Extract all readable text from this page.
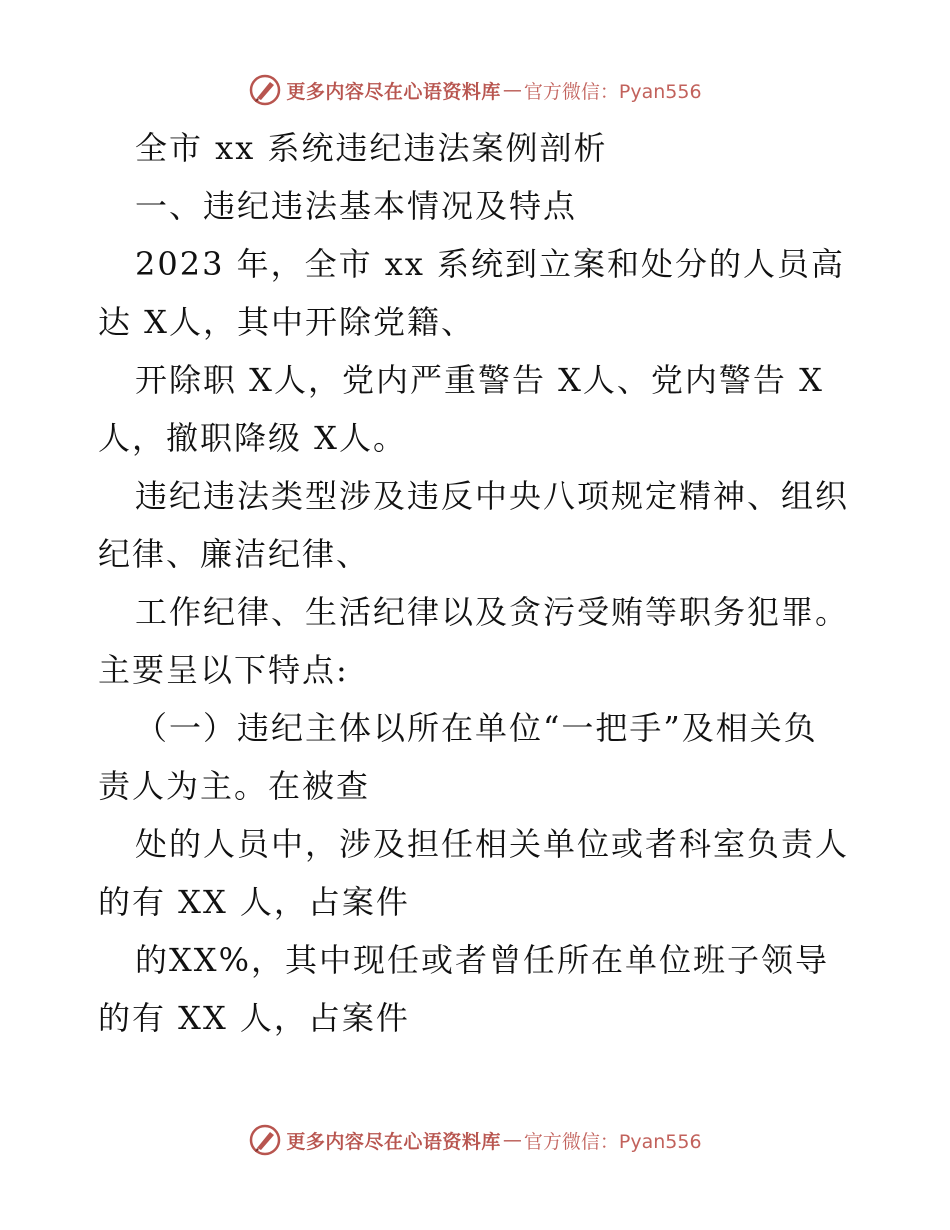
更多内容尽在心语资料库 — 官方微信：Pyan556
全市 xx 系统违纪违法案例剖析
一、违纪违法基本情况及特点
2023 年，全市 xx 系统到立案和处分的人员高
达 X人，其中开除党籍、
开除职 X人，党内严重警告 X人、党内警告 X
人，撤职降级 X人。
违纪违法类型涉及违反中央八项规定精神、组织
纪律、廉洁纪律、
工作纪律、生活纪律以及贪污受贿等职务犯罪。
主要呈以下特点:
（一）违纪主体以所在单位“一把手”及相关负
责人为主。在被查
处的人员中，涉及担任相关单位或者科室负责人
的有 XX 人，占案件
的XX%，其中现任或者曾任所在单位班子领导
的有 XX 人，占案件
更多内容尽在心语资料库 — 官方微信：Pyan556
